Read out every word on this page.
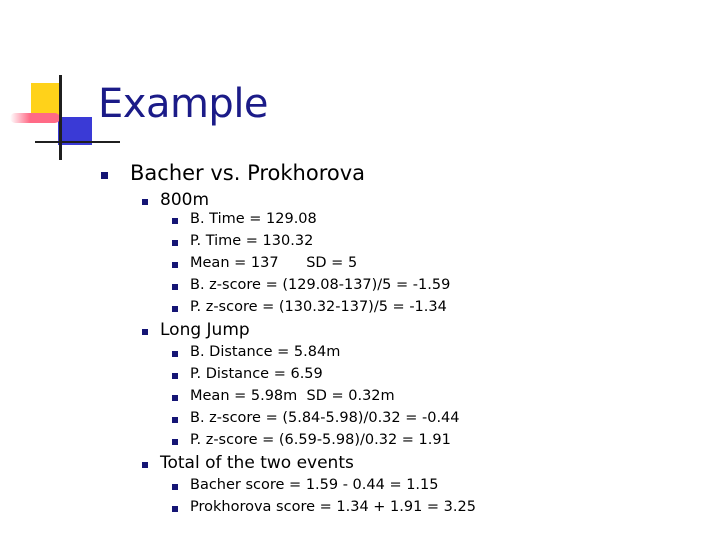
Example
Bacher vs. Prokhorova
800m
B. Time = 129.08
P. Time = 130.32
Mean = 137      SD = 5
B. z-score = (129.08-137)/5 = -1.59
P. z-score = (130.32-137)/5 = -1.34
Long Jump
B. Distance = 5.84m
P. Distance = 6.59
Mean = 5.98m  SD = 0.32m
B. z-score = (5.84-5.98)/0.32 = -0.44
P. z-score = (6.59-5.98)/0.32 = 1.91
Total of the two events
Bacher score = 1.59 - 0.44 = 1.15
Prokhorova score = 1.34 + 1.91 = 3.25
